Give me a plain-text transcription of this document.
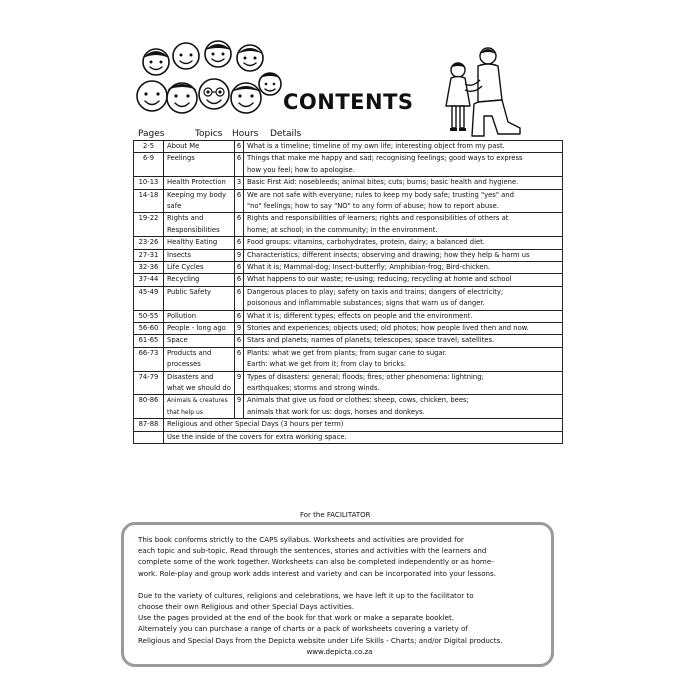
CONTENTS
Pages	Topics Hours Details
2-5	About Me	6	What is a timeline; timeline of my own life; interesting object from my past.

6-9	Feelings	6	Things that make me happy and sad; recognising feelings; good ways to express
how you feel; how to apologise.

10-13	Health Protection	3	Basic First Aid: nosebleeds; animal bites; cuts; burns; basic health and hygiene.

14-18	Keeping my body
safe	6	We are not safe with everyone; rules to keep my body safe; trusting "yes" and
"no" feelings; how to say "NO" to any form of abuse; how to report abuse.

19-22	Rights and
Responsibilities	6	Rights and responsibilities of learners; rights and responsibilities of others at
home; at school; in the community; in the environment.

23-26	Healthy Eating	6	Food groups: vitamins, carbohydrates, protein, dairy; a balanced diet.

27-31	Insects	9	Characteristics; different insects; observing and drawing; how they help & harm us

32-36	Life Cycles	6	What it is; Mammal-dog; Insect-butterfly; Amphibian-frog; Bird-chicken.

37-44	Recycling	6	What happens to our waste; re-using; reducing; recycling at home and school

45-49	Public Safety	6	Dangerous places to play; safety on taxis and trains; dangers of electricity;
poisonous and inflammable substances; signs that warn us of danger.

50-55	Pollution	6	What it is; different types; effects on people and the environment.

56-60	People - long ago	9	Stories and experiences; objects used; old photos; how people lived then and now.

61-65	Space	6	Stars and planets; names of planets; telescopes; space travel; satellites.

66-73	Products and
processes	6	Plants: what we get from plants; from sugar cane to sugar.
Earth: what we get from it; from clay to bricks.

74-79	Disasters and
what we should do	9	Types of disasters: general; floods; fires; other phenomena: lightning;
earthquakes; storms and strong winds.

80-86	Animals & creatures
that help us	9	Animals that give us food or clothes: sheep, cows, chicken, bees;
animals that work for us: dogs, horses and donkeys.

87-88	Religious and other Special Days (3 hours per term)		
	Use the inside of the covers for extra working space.		
For the FACILITATOR

This book conforms strictly to the CAPS syllabus. Worksheets and activities are provided for

each topic and sub-topic. Read through the sentences, stories and activities with the learners and

complete some of the work together. Worksheets can also be completed independently or as home-

work. Role-play and group work adds interest and variety and can be incorporated into your lessons.

Due to the variety of cultures, religions and celebrations, we have left it up to the facilitator to

choose their own Religious and other Special Days activities.

Use the pages provided at the end of the book for that work or make a separate booklet.

Alternately you can purchase a range of charts or a pack of worksheets covering a variety of

Religious and Special Days from the Depicta website under Life Skills - Charts; and/or Digital products.

www.depicta.co.za
